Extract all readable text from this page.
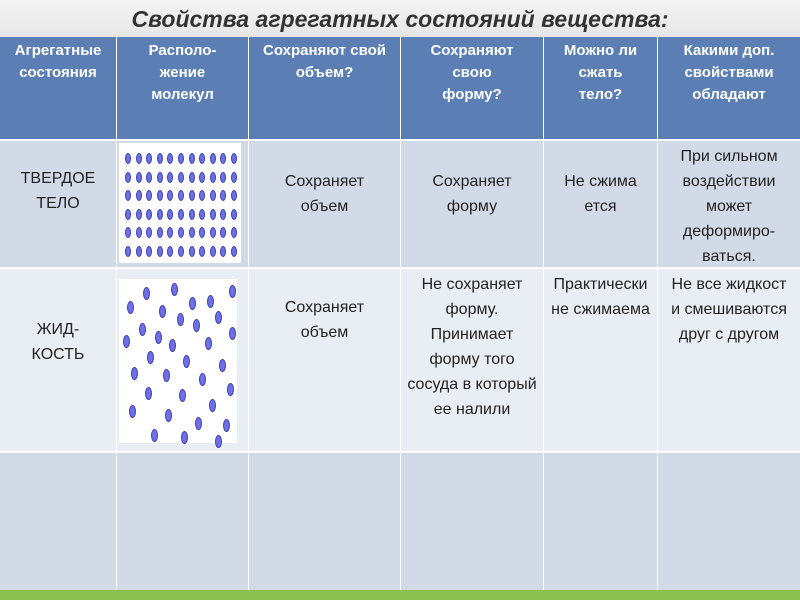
Свойства агрегатных состояний вещества:
Агрегатные состояния
Располо-жение молекул
Сохраняют свой объем?
Сохраняют свою форму?
Можно ли сжать тело?
Какими доп. свойствами обладают
ТВЕРДОЕ ТЕЛО
Сохраняет объем
Сохраняет форму
Не сжимается
При сильном воздействии может деформиро-ваться.
ЖИД-КОСТЬ
Сохраняет объем
Не сохраняет форму. Принимает форму того сосуда в который ее налили
Практически не сжимаема
Не все жидкости смешиваются друг с другом
